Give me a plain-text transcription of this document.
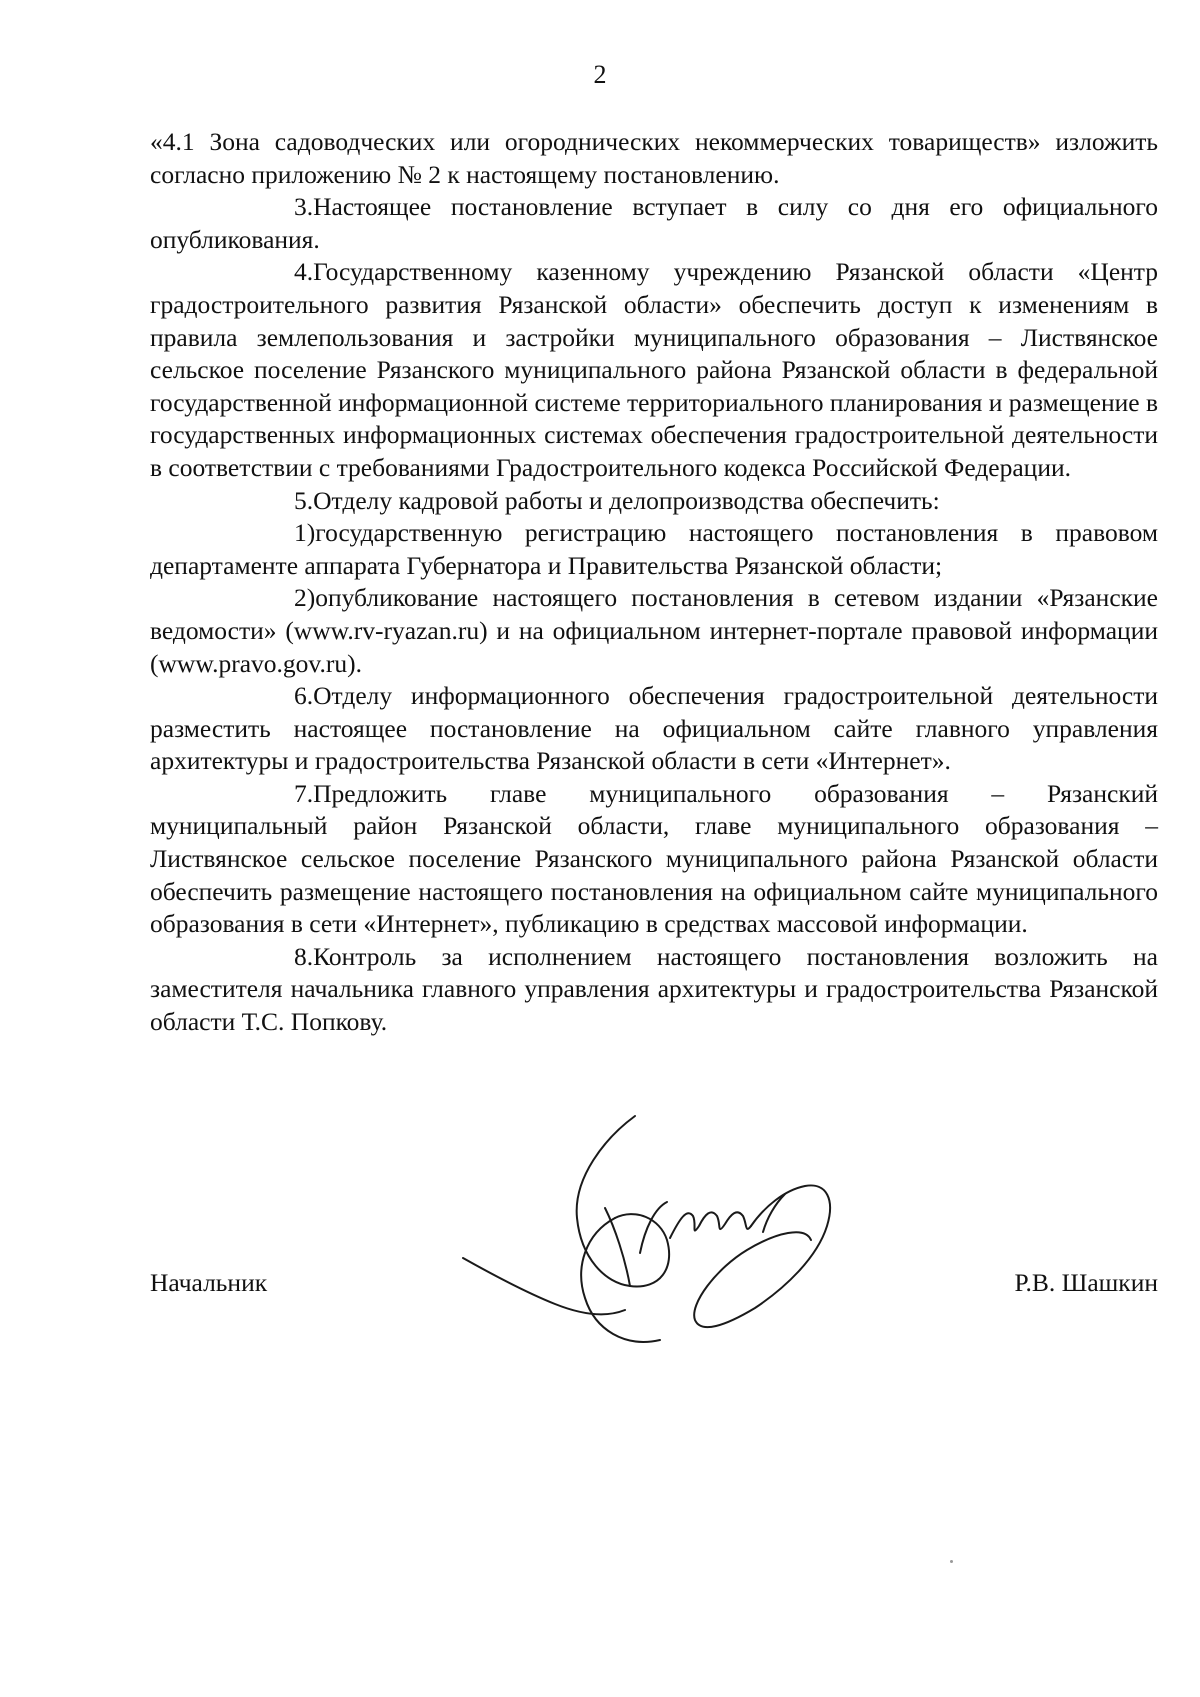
2

«4.1 Зона садоводческих или огороднических некоммерческих товариществ» изложить согласно приложению № 2 к настоящему постановлению.

3.Настоящее постановление вступает в силу со дня его официального опубликования.

4.Государственному казенному учреждению Рязанской области «Центр градостроительного развития Рязанской области» обеспечить доступ к изменениям в правила землепользования и застройки муниципального образования – Листвянское сельское поселение Рязанского муниципального района Рязанской области в федеральной государственной информационной системе территориального планирования и размещение в государственных информационных системах обеспечения градостроительной деятельности в соответствии с требованиями Градостроительного кодекса Российской Федерации.

5.Отделу кадровой работы и делопроизводства обеспечить:

1)государственную регистрацию настоящего постановления в правовом департаменте аппарата Губернатора и Правительства Рязанской области;

2)опубликование настоящего постановления в сетевом издании «Рязанские ведомости» (www.rv-ryazan.ru) и на официальном интернет-портале правовой информации (www.pravo.gov.ru).

6.Отделу информационного обеспечения градостроительной деятельности разместить настоящее постановление на официальном сайте главного управления архитектуры и градостроительства Рязанской области в сети «Интернет».

7.Предложить главе муниципального образования – Рязанский муниципальный район Рязанской области, главе муниципального образования – Листвянское сельское поселение Рязанского муниципального района Рязанской области обеспечить размещение настоящего постановления на официальном сайте муниципального образования в сети «Интернет», публикацию в средствах массовой информации.

8.Контроль за исполнением настоящего постановления возложить на заместителя начальника главного управления архитектуры и градостроительства Рязанской области Т.С. Попкову.

Начальник	Р.В. Шашкин
